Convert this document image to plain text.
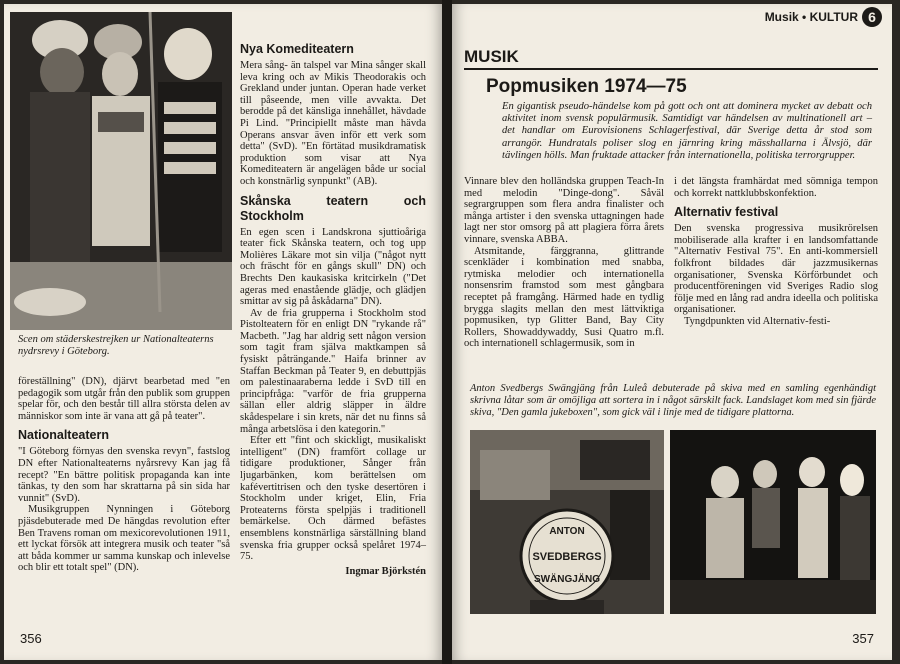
Scen om städerskestrejken ur Nationalteaterns nydrsrevy i Göteborg.

föreställning" (DN), djärvt bearbetad med "en pedagogik som utgår från den publik som gruppen spelar för, och den består till allra största delen av människor som inte är vana att gå på teater".

Nationalteatern

"I Göteborg förnyas den svenska revyn", fastslog DN efter Nationalteaterns nyårsrevy Kan jag få recept? "En bättre politisk propaganda kan inte tänkas, ty den som har skrattarna på sin sida har vunnit" (SvD).

Musikgruppen Nynningen i Göteborg pjäsdebuterade med De hängdas revolution efter Ben Travens roman om mexicorevolutionen 1911, ett lyckat försök att integrera musik och teater "så att båda kommer ur samma kunskap och inlevelse och blir ett totalt spel" (DN).

Nya Komediteatern

Mera sång- än talspel var Mina sånger skall leva kring och av Mikis Theodorakis och Grekland under juntan. Operan hade verket till påseende, men ville avvakta. Det berodde på det känsliga innehållet, hävdade Pi Lind. "Principiellt måste man hävda Operans ansvar även inför ett verk som detta" (SvD). "En förtätad musikdramatisk produktion som visar att Nya Komediteatern är angelägen både ur social och konstnärlig synpunkt" (AB).

Skånska teatern och Stockholm

En egen scen i Landskrona sjuttioåriga teater fick Skånska teatern, och tog upp Molières Läkare mot sin vilja ("något nytt och fräscht för en gångs skull" DN) och Brechts Den kaukasiska kritcirkeln ("Det ageras med enastående glädje, och glädjen smittar av sig på åskådarna" DN).

Av de fria grupperna i Stockholm stod Pistolteatern för en enligt DN "rykande rå" Macbeth. "Jag har aldrig sett någon version som tagit fram själva maktkampen så fysiskt påträngande." Haifa brinner av Staffan Beckman på Teater 9, en debuttpjäs om palestinaaraberna ledde i SvD till en principfråga: "varför de fria grupperna sällan eller aldrig släpper in äldre skådespelare i sin krets, när det nu finns så många arbetslösa i den kategorin."

Efter ett "fint och skickligt, musikaliskt intelligent" (DN) framfört collage ur tidigare produktioner, Sånger från ljugarbänken, kom berättelsen om kafévertitrisen och den tyske desertören i Stockholm under kriget, Elin, Fria Proteaterns första spelpjäs i traditionell bemärkelse. Och därmed befästes ensemblens konstnärliga särställning bland svenska fria grupper också spelåret 1974–75.

Ingmar Björkstén
356
Musik • KULTUR 6
MUSIK
Popmusiken 1974—75
En gigantisk pseudo-händelse kom på gott och ont att dominera mycket av debatt och aktivitet inom svensk populärmusik. Samtidigt var händelsen av multinationell art – det handlar om Eurovisionens Schlagerfestival, där Sverige detta år stod som arrangör. Hundratals poliser slog en järnring kring mässhallarna i Älvsjö, där tävlingen hölls. Man fruktade attacker från internationella, politiska terrorgrupper.

Vinnare blev den holländska gruppen Teach-In med melodin "Dinge-dong". Såväl segrargruppen som flera andra finalister och många artister i den svenska uttagningen hade lagt ner stor omsorg på att plagiera förra årets vinnare, svenska ABBA.

Atsmitande, färggranna, glittrande scenkläder i kombination med snabba, rytmiska melodier och internationella nonsensrim framstod som mest gångbara receptet på framgång. Härmed hade en tydlig brygga slagits mellan den mest lättviktiga popmusiken, typ Glitter Band, Bay City Rollers, Showaddywaddy, Susi Quatro m.fl. och internationell schlagermusik, som in

i det längsta framhärdat med sömniga tempon och korrekt nattklubbskonfektion.

Alternativ festival

Den svenska progressiva musikrörelsen mobiliserade alla krafter i en landsomfattande "Alternativ Festival 75". En anti-kommersiell folkfront bildades där jazzmusikernas organisationer, Svenska Körförbundet och producentföreningen vid Sveriges Radio slog följe med en lång rad andra ideella och politiska organisationer.

Tyngdpunkten vid Alternativ-festi-

Anton Svedbergs Swängjäng från Luleå debuterade på skiva med en samling egenhändigt skrivna låtar som är omöjliga att sortera in i något särskilt fack. Landslaget kom med sin fjärde skiva, "Den gamla jukeboxen", som gick väl i linje med de tidigare plattorna.
ANTON
SVEDBERGS
SWÄNGJÄNG
357
